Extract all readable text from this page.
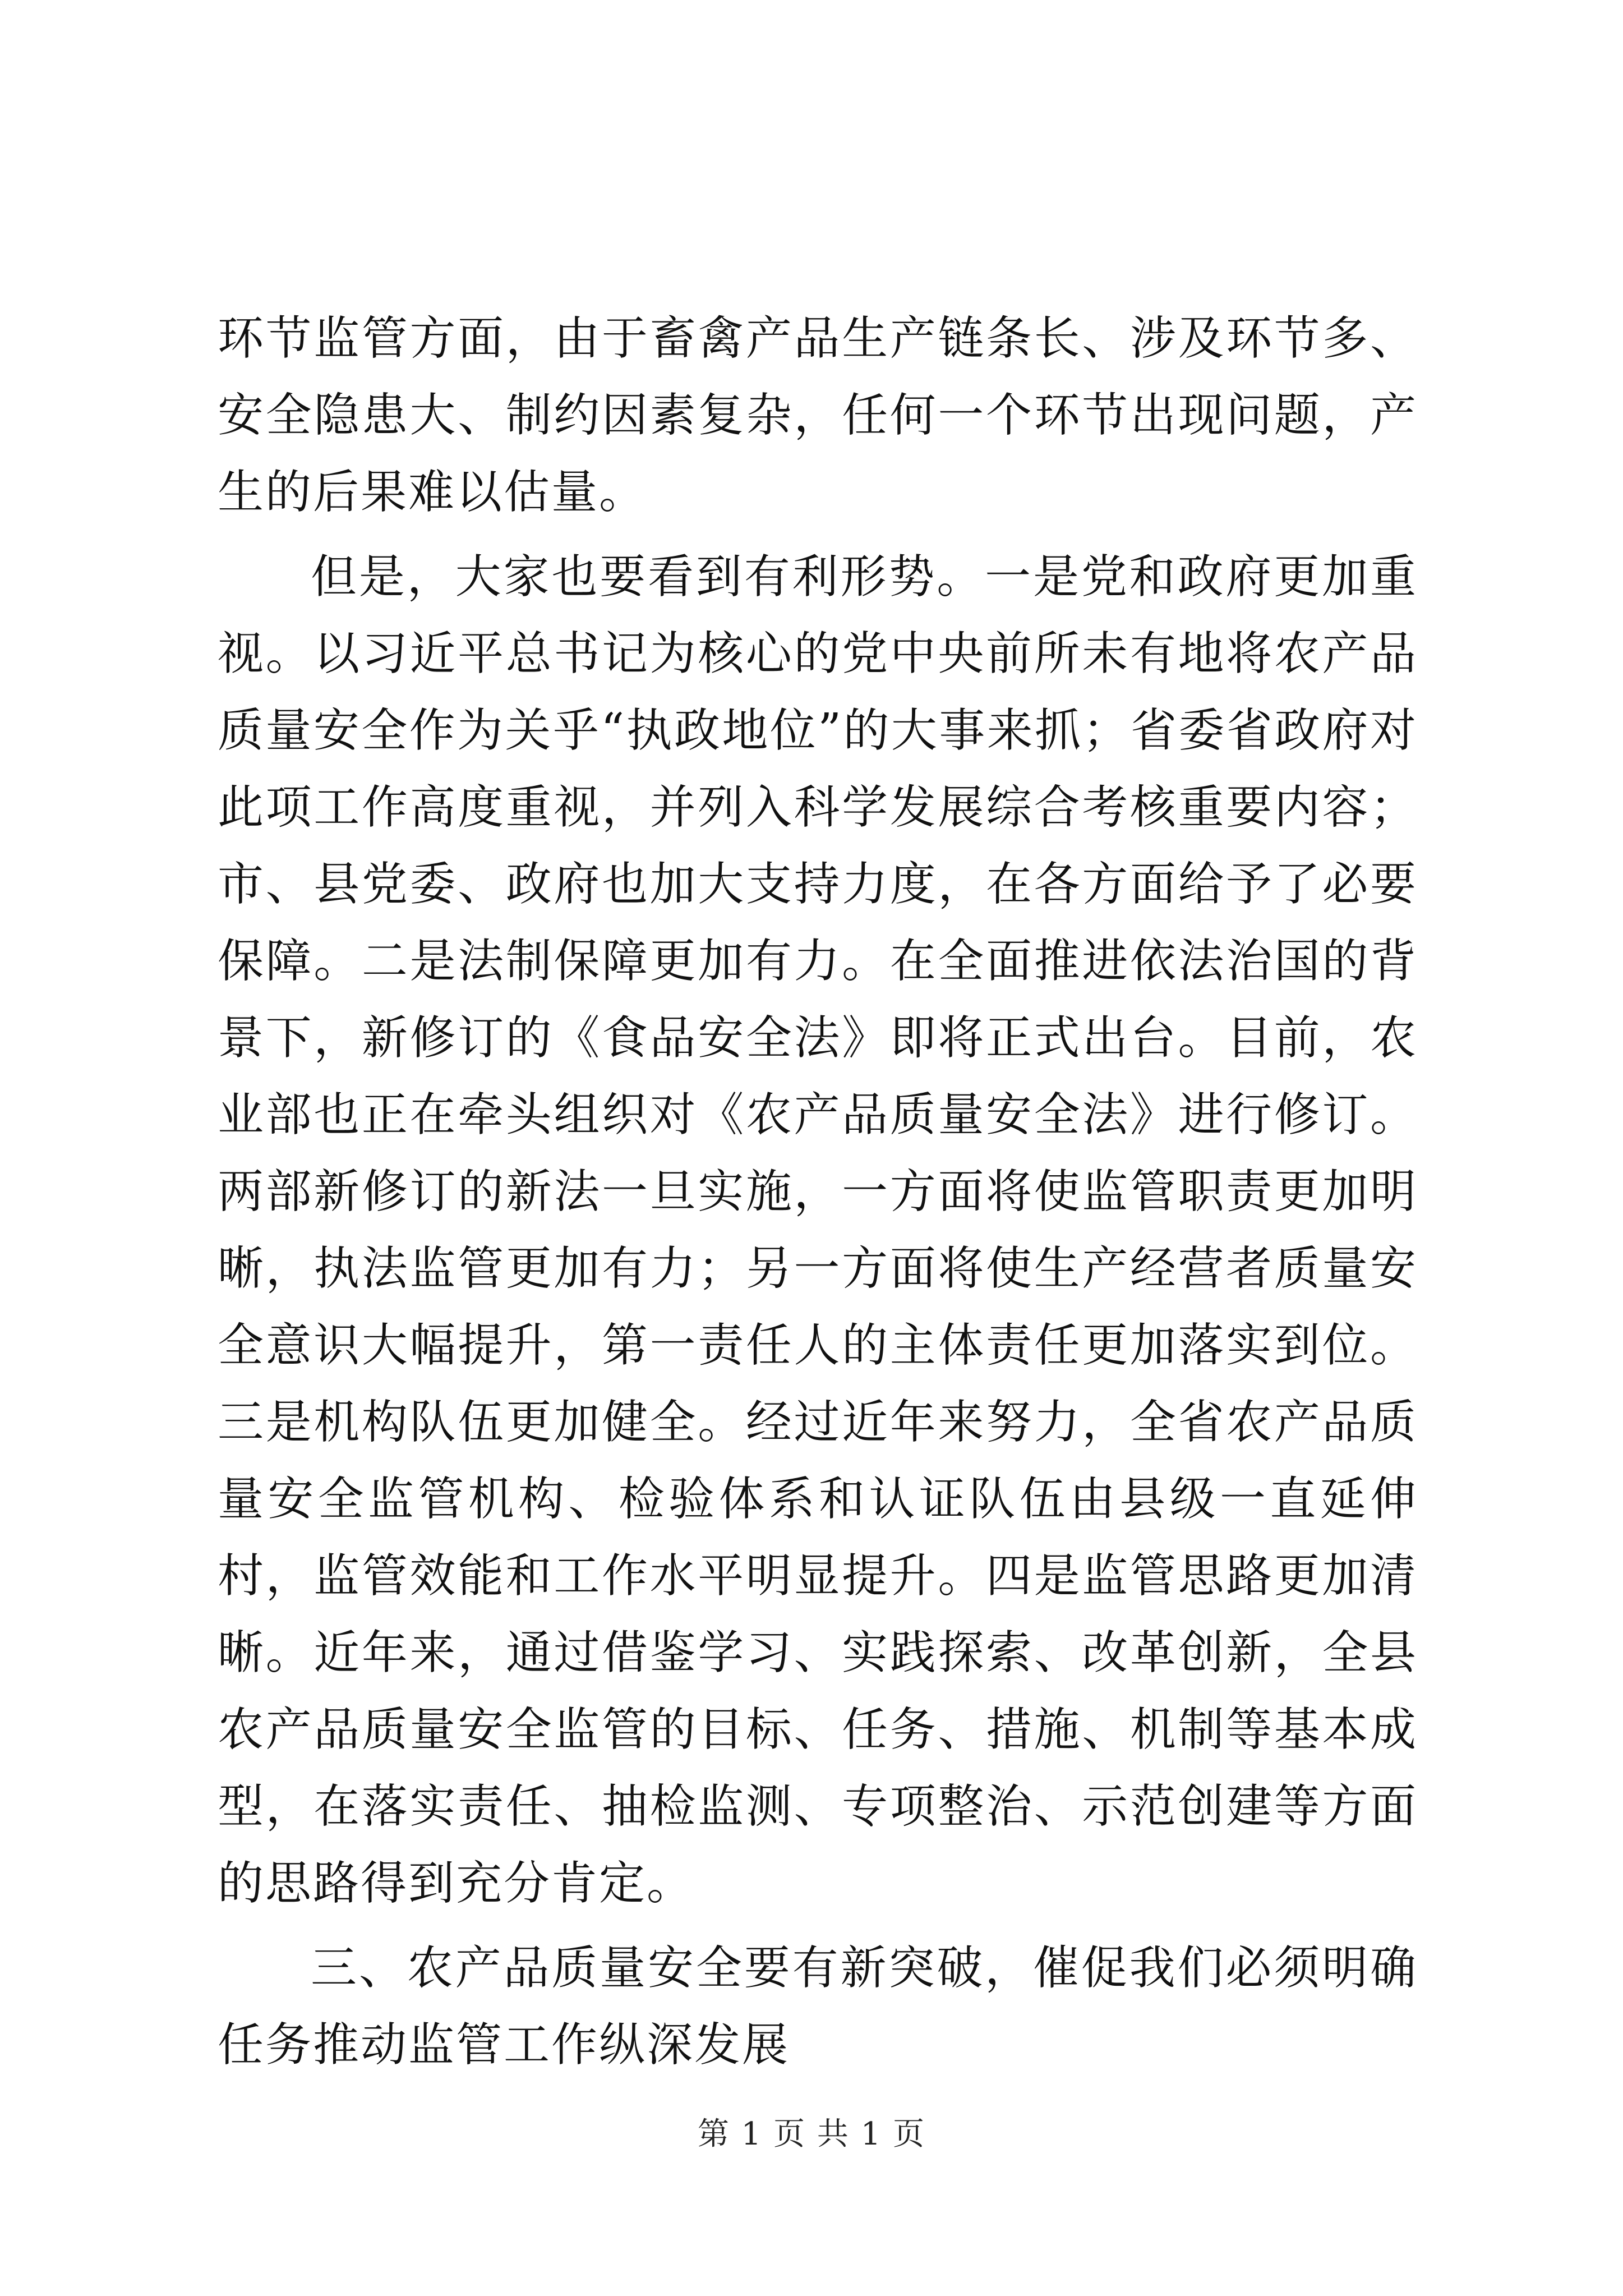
环节监管方面，由于畜禽产品生产链条长、涉及环节多、安全隐患大、制约因素复杂，任何一个环节出现问题，产生的后果难以估量。

但是，大家也要看到有利形势。一是党和政府更加重视。以习近平总书记为核心的党中央前所未有地将农产品质量安全作为关乎“执政地位”的大事来抓；省委省政府对此项工作高度重视，并列入科学发展综合考核重要内容；市、县党委、政府也加大支持力度，在各方面给予了必要保障。二是法制保障更加有力。在全面推进依法治国的背景下，新修订的《食品安全法》即将正式出台。目前，农业部也正在牵头组织对《农产品质量安全法》进行修订。两部新修订的新法一旦实施，一方面将使监管职责更加明晰，执法监管更加有力；另一方面将使生产经营者质量安全意识大幅提升，第一责任人的主体责任更加落实到位。三是机构队伍更加健全。经过近年来努力，全省农产品质量安全监管机构、检验体系和认证队伍由县级一直延伸村，监管效能和工作水平明显提升。四是监管思路更加清晰。近年来，通过借鉴学习、实践探索、改革创新，全县农产品质量安全监管的目标、任务、措施、机制等基本成型，在落实责任、抽检监测、专项整治、示范创建等方面的思路得到充分肯定。

三、农产品质量安全要有新突破，催促我们必须明确任务推动监管工作纵深发展

第 1 页 共 1 页
